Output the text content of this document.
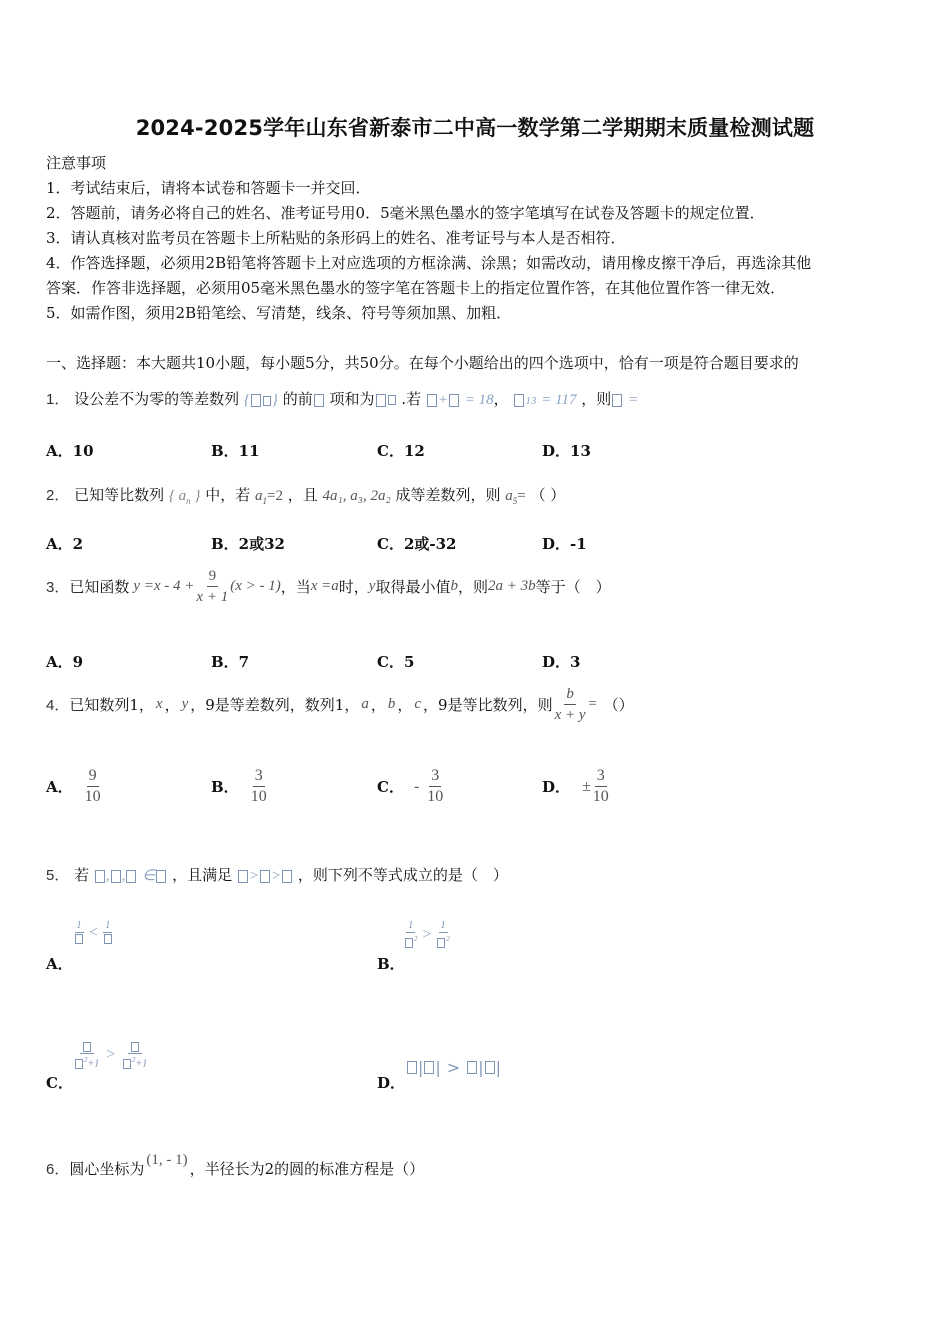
2024-2025学年山东省新泰市二中高一数学第二学期期末质量检测试题
注意事项
1．考试结束后，请将本试卷和答题卡一并交回．
2．答题前，请务必将自己的姓名、准考证号用0．5毫米黑色墨水的签字笔填写在试卷及答题卡的规定位置．
3．请认真核对监考员在答题卡上所粘贴的条形码上的姓名、准考证号与本人是否相符．
4．作答选择题，必须用2B铅笔将答题卡上对应选项的方框涂满、涂黑；如需改动，请用橡皮擦干净后，再选涂其他
答案．作答非选择题，必须用05毫米黑色墨水的签字笔在答题卡上的指定位置作答，在其他位置作答一律无效．
5．如需作图，须用2B铅笔绘、写清楚，线条、符号等须加黑、加粗．
一、选择题：本大题共10小题，每小题5分，共50分。在每个小题给出的四个选项中，恰有一项是符合题目要求的
1． 设公差不为零的等差数列 { } 的前 项和为 .若 + = 18， 13 = 117 ，则 =
A．10	B．11	C．12	D．13
2． 已知等比数列 { $a_n$ } 中，若 $a_1=2$ ，且 4a₁, a₃, 2a₂ 成等差数列，则 $a_5=$ （ ）
A．2	B．2或32	C．2或-32	D．-1
3． 已知函数 $y =x - 4 + \frac{9}{x + 1} (x$ > - 1) ，当 x =a 时， y 取得最小值 b ，则 2a + 3b 等于（　）
A．9	B．7	C．5	D．3
4． 已知数列1， x ， y ，9是等差数列，数列1， a ， b ， c ，9是等比数列，则 $\frac{b}{x + y}$ = （）
A． $\frac{9}{10}$	B． $\frac{3}{10}$	C． - $\frac{3}{10}$	D． ± $\frac{3}{10}$
5． 若 , , ∈ ，且满足 > > ，则下列不等式成立的是（　）
1 < 1
A．
$\frac{1}{^2} > \frac{1}{^2}$
B．
$^2$+1
>	$^2$+1
C．
| | > | |
D．
6． 圆心坐标为 (1, - 1) ，半径长为2的圆的标准方程是（）
